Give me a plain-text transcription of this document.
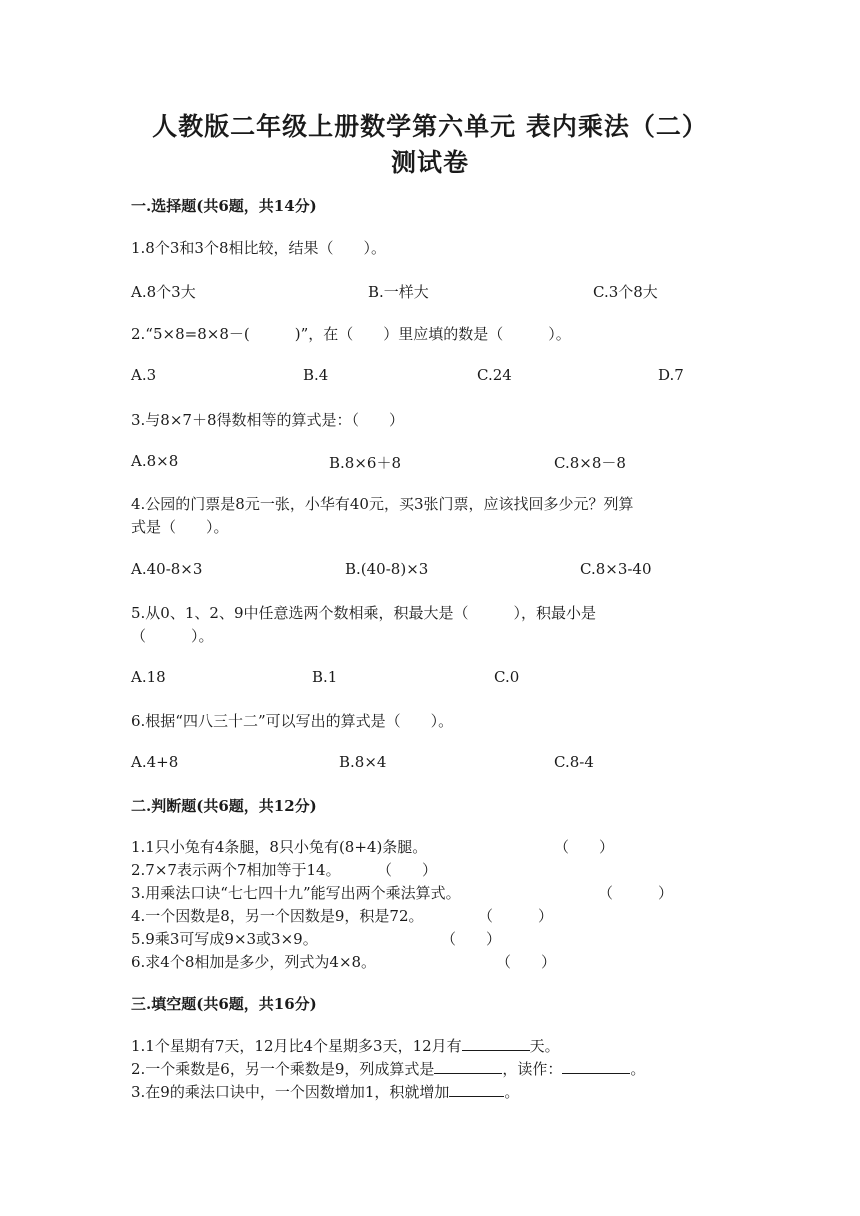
人教版二年级上册数学第六单元 表内乘法（二）
测试卷
一.选择题(共6题，共14分)
1.8个3和3个8相比较，结果（　　）。
A.8个3大	B.一样大	C.3个8大
2.“5×8=8×8－(　　　)”，在（　　）里应填的数是（　　　）。
A.3	B.4	C.24	D.7
3.与8×7＋8得数相等的算式是：（　　）
A.8×8	B.8×6＋8	C.8×8－8
4.公园的门票是8元一张，小华有40元，买3张门票，应该找回多少元？列算
式是（　　）。
A.40-8×3	B.(40-8)×3	C.8×3-40
5.从0、1、2、9中任意选两个数相乘，积最大是（　　　），积最小是
（　　　）。
A.18	B.1	C.0
6.根据“四八三十二”可以写出的算式是（　　）。
A.4+8	B.8×4	C.8-4
二.判断题(共6题，共12分)
1.1只小兔有4条腿，8只小兔有(8+4)条腿。	（　　）
2.7×7表示两个7相加等于14。 （　　）
3.用乘法口诀“七七四十九”能写出两个乘法算式。	（　　　）
4.一个因数是8，另一个因数是9，积是72。	（　　　）
5.9乘3可写成9×3或3×9。	（　　）
6.求4个8相加是多少，列式为4×8。	（　　）
三.填空题(共6题，共16分)
1.1个星期有7天，12月比4个星期多3天，12月有	天。
2.一个乘数是6，另一个乘数是9，列成算式是	，读作：	。
3.在9的乘法口诀中，一个因数增加1，积就增加	。
